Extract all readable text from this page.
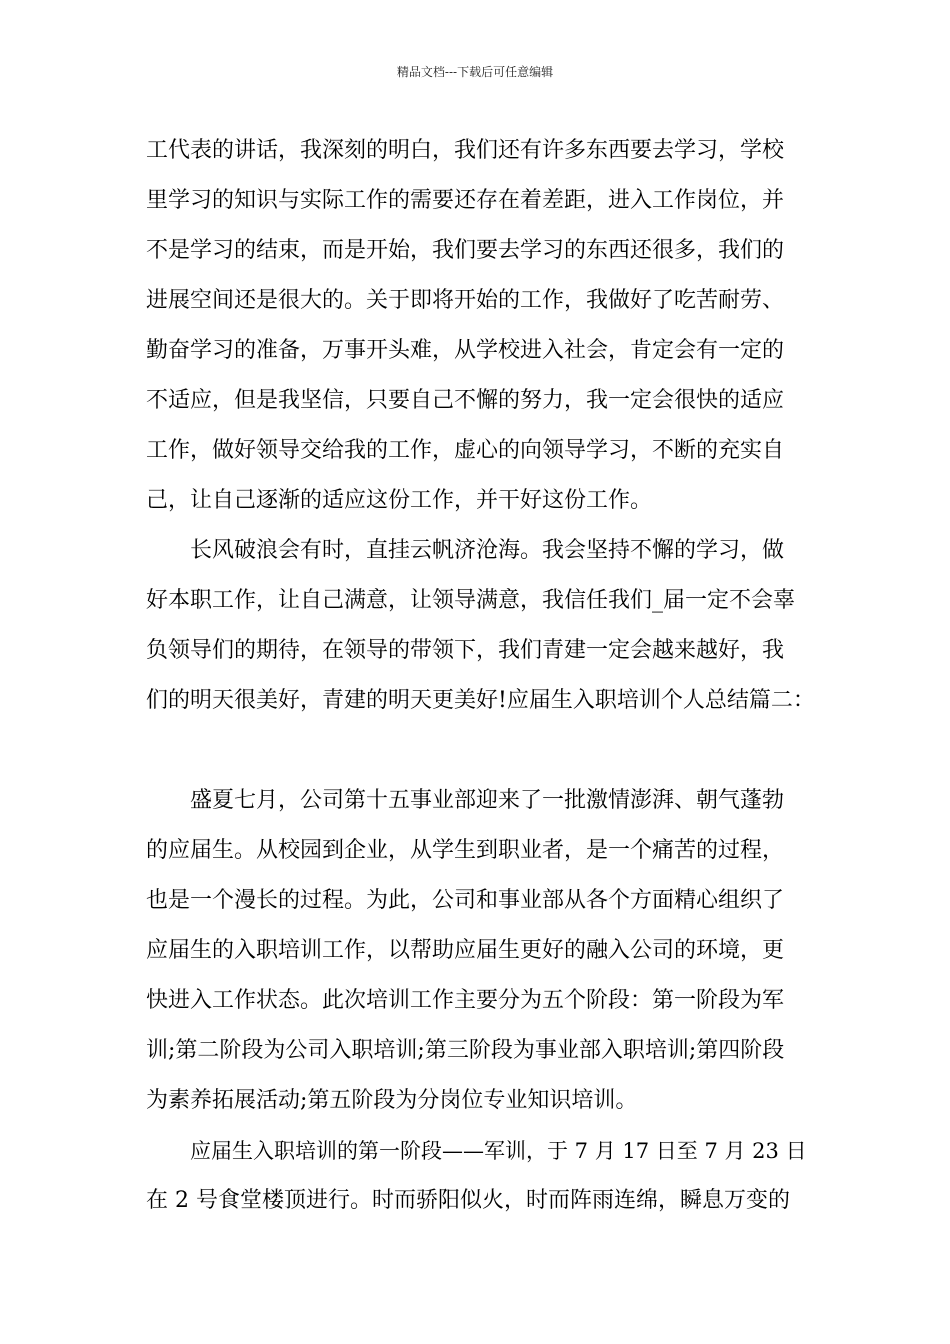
精品文档---下载后可任意编辑
工代表的讲话，我深刻的明白，我们还有许多东西要去学习，学校
里学习的知识与实际工作的需要还存在着差距，进入工作岗位，并
不是学习的结束，而是开始，我们要去学习的东西还很多，我们的
进展空间还是很大的。关于即将开始的工作，我做好了吃苦耐劳、
勤奋学习的准备，万事开头难，从学校进入社会，肯定会有一定的
不适应，但是我坚信，只要自己不懈的努力，我一定会很快的适应
工作，做好领导交给我的工作，虚心的向领导学习，不断的充实自
己，让自己逐渐的适应这份工作，并干好这份工作。
长风破浪会有时，直挂云帆济沧海。我会坚持不懈的学习，做
好本职工作，让自己满意，让领导满意，我信任我们_届一定不会辜
负领导们的期待，在领导的带领下，我们青建一定会越来越好，我
们的明天很美好，青建的明天更美好!应届生入职培训个人总结篇二：
盛夏七月，公司第十五事业部迎来了一批激情澎湃、朝气蓬勃
的应届生。从校园到企业，从学生到职业者，是一个痛苦的过程，
也是一个漫长的过程。为此，公司和事业部从各个方面精心组织了
应届生的入职培训工作，以帮助应届生更好的融入公司的环境，更
快进入工作状态。此次培训工作主要分为五个阶段：第一阶段为军
训;第二阶段为公司入职培训;第三阶段为事业部入职培训;第四阶段
为素养拓展活动;第五阶段为分岗位专业知识培训。
应届生入职培训的第一阶段——军训，于 7 月 17 日至 7 月 23 日
在 2 号食堂楼顶进行。时而骄阳似火，时而阵雨连绵，瞬息万变的
